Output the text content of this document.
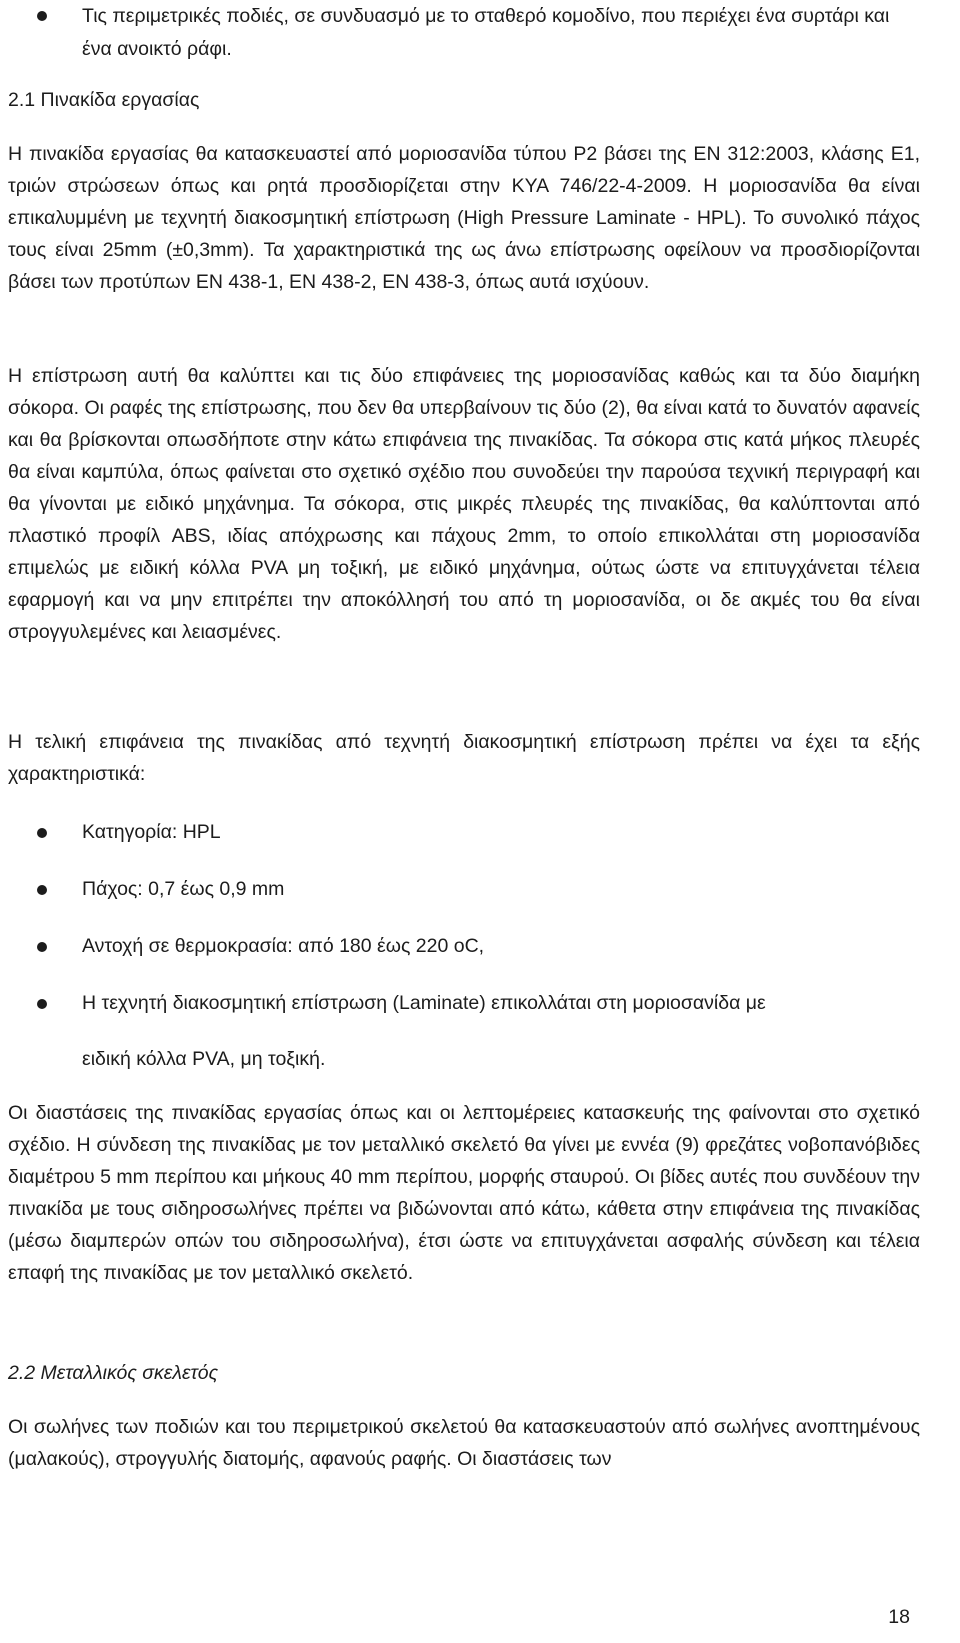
Τις περιμετρικές ποδιές, σε συνδυασμό με το σταθερό κομοδίνο, που περιέχει ένα συρτάρι και ένα ανοικτό ράφι.
2.1 Πινακίδα εργασίας
Η πινακίδα εργασίας θα κατασκευαστεί από μοριοσανίδα τύπου Ρ2 βάσει της EN 312:2003, κλάσης Ε1, τριών στρώσεων όπως και ρητά προσδιορίζεται στην ΚΥΑ 746/22-4-2009. Η μοριοσανίδα θα είναι επικαλυμμένη με τεχνητή διακοσμητική επίστρωση (High Pressure Laminate - HPL). Το συνολικό πάχος τους είναι 25mm (±0,3mm). Τα χαρακτηριστικά της ως άνω επίστρωσης οφείλουν να προσδιορίζονται βάσει των προτύπων ΕΝ 438-1, ΕΝ 438-2, ΕΝ 438-3, όπως αυτά ισχύουν.
Η επίστρωση αυτή θα καλύπτει και τις δύο επιφάνειες της μοριοσανίδας καθώς και τα δύο διαμήκη σόκορα. Οι ραφές της επίστρωσης, που δεν θα υπερβαίνουν τις δύο (2), θα είναι κατά το δυνατόν αφανείς και θα βρίσκονται οπωσδήποτε στην κάτω επιφάνεια της πινακίδας. Τα σόκορα στις κατά μήκος πλευρές θα είναι καμπύλα, όπως φαίνεται στο σχετικό σχέδιο που συνοδεύει την παρούσα τεχνική περιγραφή και θα γίνονται με ειδικό μηχάνημα. Τα σόκορα, στις μικρές πλευρές της πινακίδας, θα καλύπτονται από πλαστικό προφίλ ABS, ιδίας απόχρωσης και πάχους 2mm, το οποίο επικολλάται στη μοριοσανίδα επιμελώς με ειδική κόλλα PVA μη τοξική, με ειδικό μηχάνημα, ούτως ώστε να επιτυγχάνεται τέλεια εφαρμογή και να μην επιτρέπει την αποκόλλησή του από τη μοριοσανίδα, οι δε ακμές του θα είναι στρογγυλεμένες και λειασμένες.
Η τελική επιφάνεια της πινακίδας από τεχνητή διακοσμητική επίστρωση πρέπει να έχει τα εξής χαρακτηριστικά:
Κατηγορία: HPL
Πάχος: 0,7 έως 0,9 mm
Αντοχή σε θερμοκρασία: από 180 έως 220 οC,
Η τεχνητή διακοσμητική επίστρωση (Laminate) επικολλάται στη μοριοσανίδα με
ειδική κόλλα PVA, μη τοξική.
Οι διαστάσεις της πινακίδας εργασίας όπως και οι λεπτομέρειες κατασκευής της φαίνονται στο σχετικό σχέδιο. Η σύνδεση της πινακίδας με τον μεταλλικό σκελετό θα γίνει με εννέα (9) φρεζάτες νοβοπανόβιδες διαμέτρου 5 mm περίπου και μήκους 40 mm περίπου, μορφής σταυρού. Οι βίδες αυτές που συνδέουν την πινακίδα με τους σιδηροσωλήνες πρέπει να βιδώνονται από κάτω, κάθετα στην επιφάνεια της πινακίδας (μέσω διαμπερών οπών του σιδηροσωλήνα), έτσι ώστε να επιτυγχάνεται ασφαλής σύνδεση και τέλεια επαφή της πινακίδας με τον μεταλλικό σκελετό.
2.2 Μεταλλικός σκελετός
Οι σωλήνες των ποδιών και του περιμετρικού σκελετού θα κατασκευαστούν από σωλήνες ανοπτημένους (μαλακούς), στρογγυλής διατομής, αφανούς ραφής. Οι διαστάσεις των
18
